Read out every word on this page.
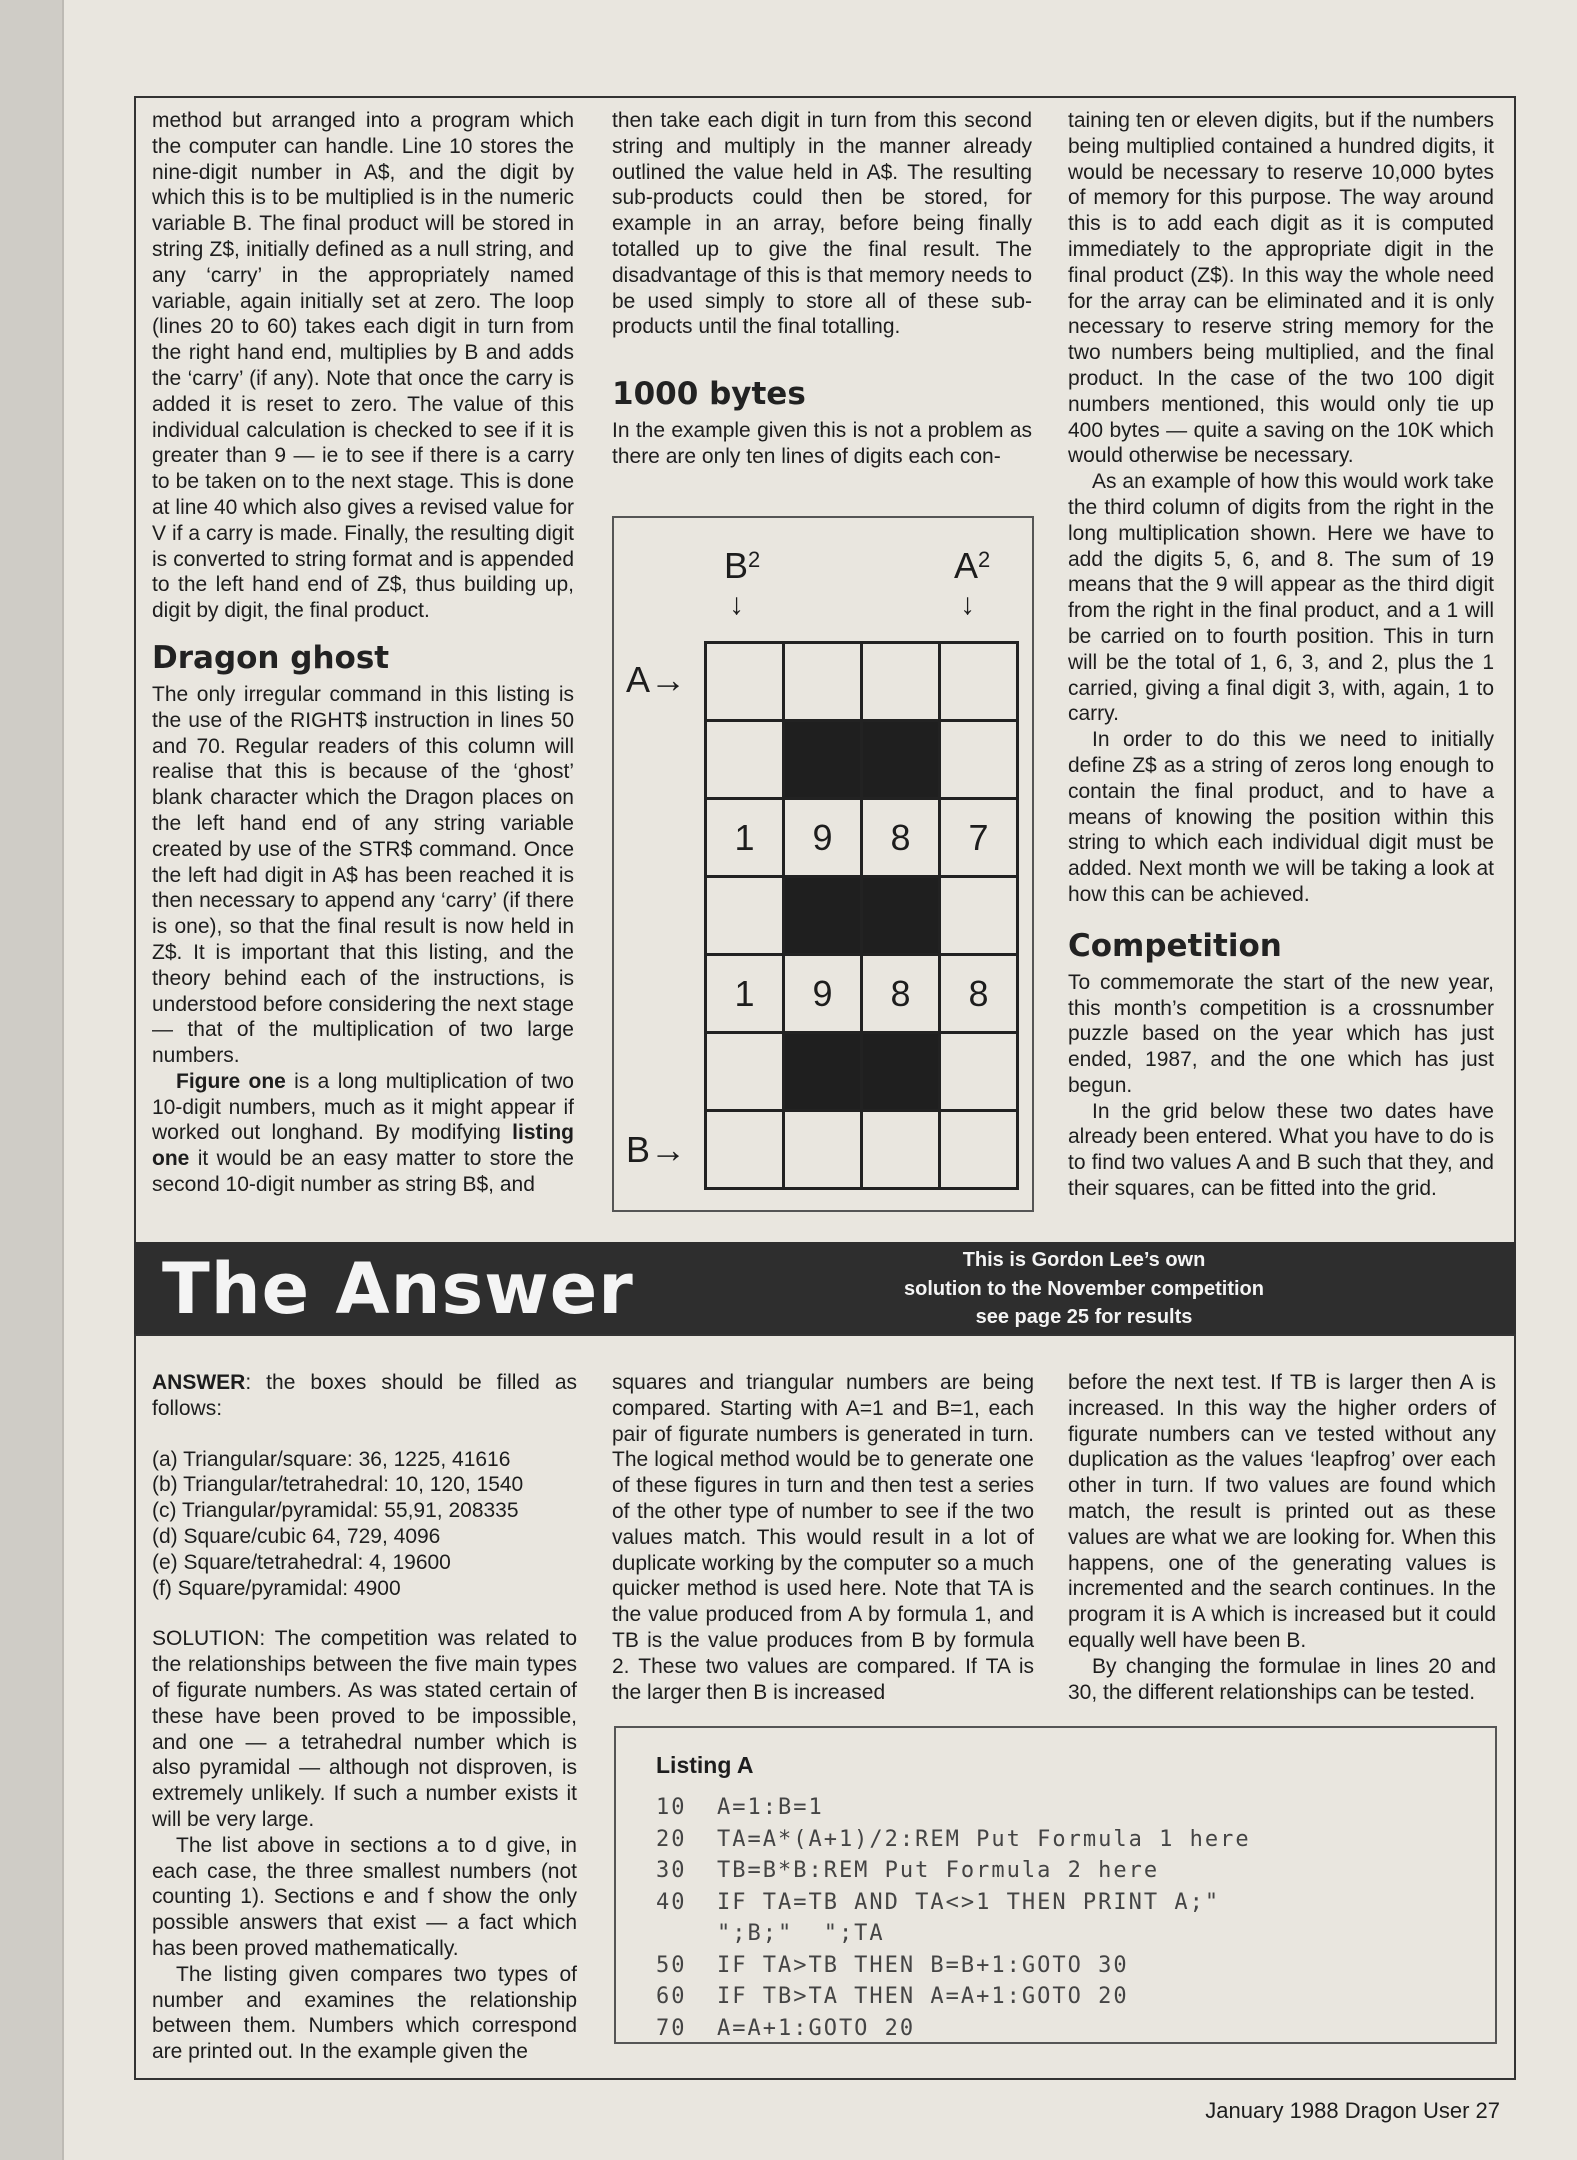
method but arranged into a program which the computer can handle. Line 10 stores the nine-digit number in A$, and the digit by which this is to be multiplied is in the numeric variable B. The final product will be stored in string Z$, initially defined as a null string, and any ‘carry’ in the appropriately named variable, again initially set at zero. The loop (lines 20 to 60) takes each digit in turn from the right hand end, multiplies by B and adds the ‘carry’ (if any). Note that once the carry is added it is reset to zero. The value of this individual calculation is checked to see if it is greater than 9 — ie to see if there is a carry to be taken on to the next stage. This is done at line 40 which also gives a revised value for V if a carry is made. Finally, the resulting digit is converted to string format and is appended to the left hand end of Z$, thus building up, digit by digit, the final product.

Dragon ghost

The only irregular command in this listing is the use of the RIGHT$ instruction in lines 50 and 70. Regular readers of this column will realise that this is because of the ‘ghost’ blank character which the Dragon places on the left hand end of any string variable created by use of the STR$ command. Once the left had digit in A$ has been reached it is then necessary to append any ‘carry’ (if there is one), so that the final result is now held in Z$. It is important that this listing, and the theory behind each of the instructions, is understood before considering the next stage — that of the multiplication of two large numbers.

Figure one is a long multiplication of two 10-digit numbers, much as it might appear if worked out longhand. By modifying listing one it would be an easy matter to store the second 10-digit number as string B$, and

then take each digit in turn from this second string and multiply in the manner already outlined the value held in A$. The resulting sub-products could then be stored, for example in an array, before being finally totalled up to give the final result. The disadvantage of this is that memory needs to be used simply to store all of these sub-products until the final totalling.

1000 bytes

In the example given this is not a problem as there are only ten lines of digits each con-

$B^2$
↓
$A^2$
↓
A→
B→

1	9	8	7

1	9	8	8

taining ten or eleven digits, but if the numbers being multiplied contained a hundred digits, it would be necessary to reserve 10,000 bytes of memory for this purpose. The way around this is to add each digit as it is computed immediately to the appropriate digit in the final product (Z$). In this way the whole need for the array can be eliminated and it is only necessary to reserve string memory for the two numbers being multiplied, and the final product. In the case of the two 100 digit numbers mentioned, this would only tie up 400 bytes — quite a saving on the 10K which would otherwise be necessary.

As an example of how this would work take the third column of digits from the right in the long multiplication shown. Here we have to add the digits 5, 6, and 8. The sum of 19 means that the 9 will appear as the third digit from the right in the final product, and a 1 will be carried on to fourth position. This in turn will be the total of 1, 6, 3, and 2, plus the 1 carried, giving a final digit 3, with, again, 1 to carry.

In order to do this we need to initially define Z$ as a string of zeros long enough to contain the final product, and to have a means of knowing the position within this string to which each individual digit must be added. Next month we will be taking a look at how this can be achieved.

Competition

To commemorate the start of the new year, this month’s competition is a crossnumber puzzle based on the year which has just ended, 1987, and the one which has just begun.

In the grid below these two dates have already been entered. What you have to do is to find two values A and B such that they, and their squares, can be fitted into the grid.

The Answer	This is Gordon Lee’s own
solution to the November competition
see page 25 for results

ANSWER: the boxes should be filled as follows:

(a) Triangular/square: 36, 1225, 41616
(b) Triangular/tetrahedral: 10, 120, 1540
(c) Triangular/pyramidal: 55,91, 208335
(d) Square/cubic 64, 729, 4096
(e) Square/tetrahedral: 4, 19600
(f) Square/pyramidal: 4900

SOLUTION: The competition was related to the relationships between the five main types of figurate numbers. As was stated certain of these have been proved to be impossible, and one — a tetrahedral number which is also pyramidal — although not disproven, is extremely unlikely. If such a number exists it will be very large.

The list above in sections a to d give, in each case, the three smallest numbers (not counting 1). Sections e and f show the only possible answers that exist — a fact which has been proved mathematically.

The listing given compares two types of number and examines the relationship between them. Numbers which correspond are printed out. In the example given the

squares and triangular numbers are being compared. Starting with A=1 and B=1, each pair of figurate numbers is generated in turn. The logical method would be to generate one of these figures in turn and then test a series of the other type of number to see if the two values match. This would result in a lot of duplicate working by the computer so a much quicker method is used here. Note that TA is the value produced from A by formula 1, and TB is the value produces from B by formula 2. These two values are compared. If TA is the larger then B is increased

before the next test. If TB is larger then A is increased. In this way the higher orders of figurate numbers can ve tested without any duplication as the values ‘leapfrog’ over each other in turn. If two values are found which match, the result is printed out as these values are what we are looking for. When this happens, one of the generating values is incremented and the search continues. In the program it is A which is increased but it could equally well have been B.

By changing the formulae in lines 20 and 30, the different relationships can be tested.

Listing A
10  A=1:B=1
20  TA=A*(A+1)/2:REM Put Formula 1 here
30  TB=B*B:REM Put Formula 2 here
40  IF TA=TB AND TA<>1 THEN PRINT A;"
";B;"  ";TA
50  IF TA>TB THEN B=B+1:GOTO 30
60  IF TB>TA THEN A=A+1:GOTO 20
70  A=A+1:GOTO 20
January 1988 Dragon User 27
